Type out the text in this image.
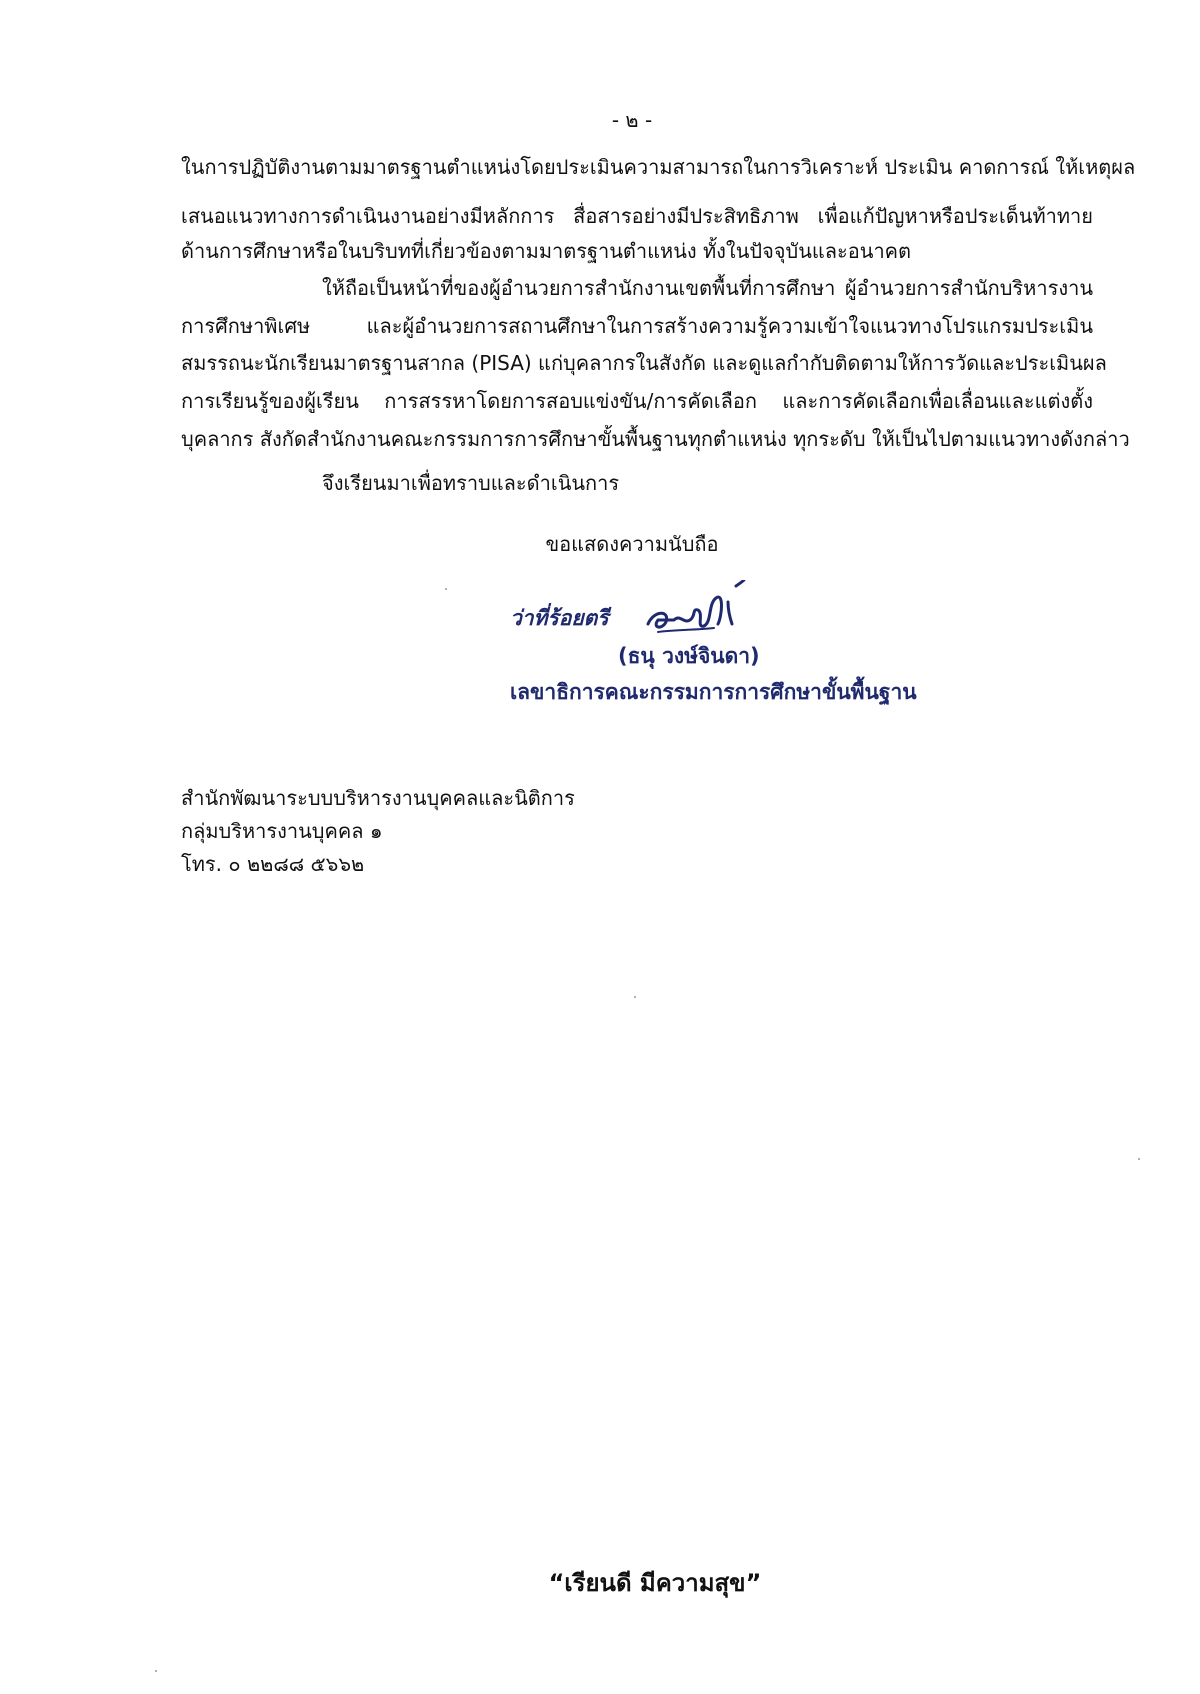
- ๒ -
ในการปฏิบัติงานตามมาตรฐานตำแหน่งโดยประเมินความสามารถในการวิเคราะห์ ประเมิน คาดการณ์ ให้เหตุผล
เสนอแนวทางการดำเนินงานอย่างมีหลักการ สื่อสารอย่างมีประสิทธิภาพ เพื่อแก้ปัญหาหรือประเด็นท้าทาย
ด้านการศึกษาหรือในบริบทที่เกี่ยวข้องตามมาตรฐานตำแหน่ง ทั้งในปัจจุบันและอนาคต
ให้ถือเป็นหน้าที่ของผู้อำนวยการสำนักงานเขตพื้นที่การศึกษา ผู้อำนวยการสำนักบริหารงาน
การศึกษาพิเศษ และผู้อำนวยการสถานศึกษาในการสร้างความรู้ความเข้าใจแนวทางโปรแกรมประเมิน
สมรรถนะนักเรียนมาตรฐานสากล (PISA) แก่บุคลากรในสังกัด และดูแลกำกับติดตามให้การวัดและประเมินผล
การเรียนรู้ของผู้เรียน การสรรหาโดยการสอบแข่งขัน/การคัดเลือก และการคัดเลือกเพื่อเลื่อนและแต่งตั้ง
บุคลากร สังกัดสำนักงานคณะกรรมการการศึกษาขั้นพื้นฐานทุกตำแหน่ง ทุกระดับ ให้เป็นไปตามแนวทางดังกล่าว
จึงเรียนมาเพื่อทราบและดำเนินการ
ขอแสดงความนับถือ
ว่าที่ร้อยตรี
(ธนุ วงษ์จินดา)
เลขาธิการคณะกรรมการการศึกษาขั้นพื้นฐาน
สำนักพัฒนาระบบบริหารงานบุคคลและนิติการ
กลุ่มบริหารงานบุคคล ๑
โทร. ๐ ๒๒๘๘ ๕๖๖๒
“เรียนดี มีความสุข”
